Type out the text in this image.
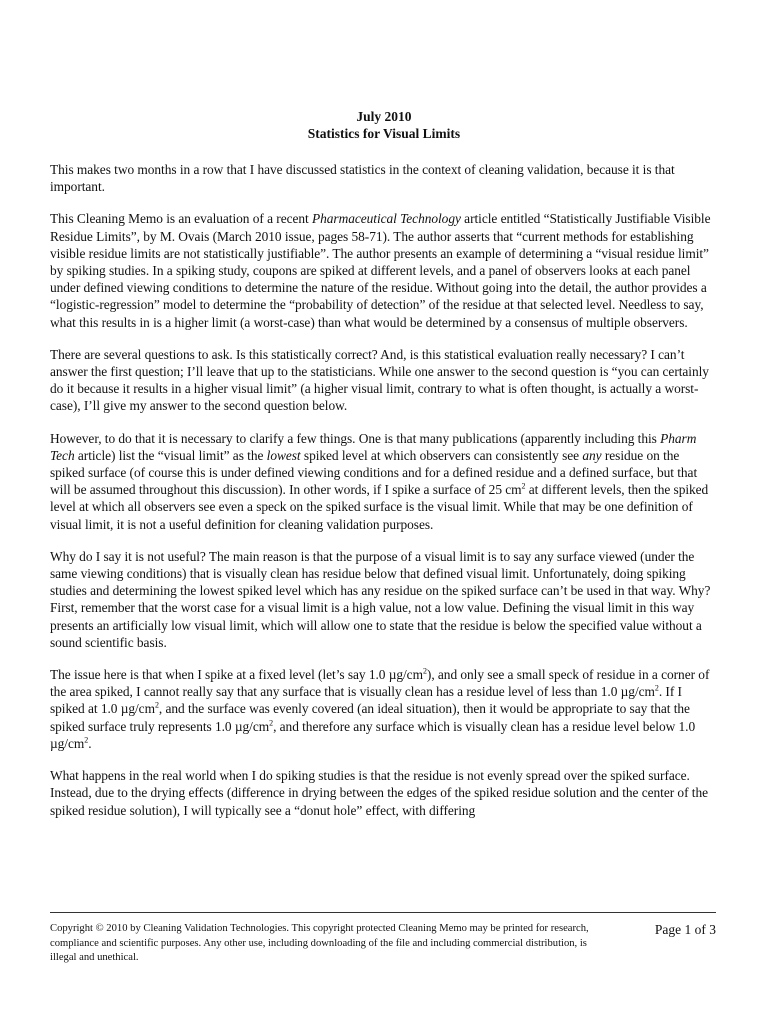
July 2010
Statistics for Visual Limits

This makes two months in a row that I have discussed statistics in the context of cleaning validation, because it is that important.

This Cleaning Memo is an evaluation of a recent Pharmaceutical Technology article entitled “Statistically Justifiable Visible Residue Limits”, by M. Ovais (March 2010 issue, pages 58-71). The author asserts that “current methods for establishing visible residue limits are not statistically justifiable”. The author presents an example of determining a “visual residue limit” by spiking studies. In a spiking study, coupons are spiked at different levels, and a panel of observers looks at each panel under defined viewing conditions to determine the nature of the residue. Without going into the detail, the author provides a “logistic-regression” model to determine the “probability of detection” of the residue at that selected level. Needless to say, what this results in is a higher limit (a worst-case) than what would be determined by a consensus of multiple observers.

There are several questions to ask. Is this statistically correct? And, is this statistical evaluation really necessary? I can’t answer the first question; I’ll leave that up to the statisticians. While one answer to the second question is “you can certainly do it because it results in a higher visual limit” (a higher visual limit, contrary to what is often thought, is actually a worst-case), I’ll give my answer to the second question below.

However, to do that it is necessary to clarify a few things. One is that many publications (apparently including this Pharm Tech article) list the “visual limit” as the lowest spiked level at which observers can consistently see any residue on the spiked surface (of course this is under defined viewing conditions and for a defined residue and a defined surface, but that will be assumed throughout this discussion). In other words, if I spike a surface of 25 $cm^2$ at different levels, then the spiked level at which all observers see even a speck on the spiked surface is the visual limit. While that may be one definition of visual limit, it is not a useful definition for cleaning validation purposes.

Why do I say it is not useful? The main reason is that the purpose of a visual limit is to say any surface viewed (under the same viewing conditions) that is visually clean has residue below that defined visual limit. Unfortunately, doing spiking studies and determining the lowest spiked level which has any residue on the spiked surface can’t be used in that way. Why? First, remember that the worst case for a visual limit is a high value, not a low value. Defining the visual limit in this way presents an artificially low visual limit, which will allow one to state that the residue is below the specified value without a sound scientific basis.

The issue here is that when I spike at a fixed level (let’s say 1.0 $\mu g/cm^2$), and only see a small speck of residue in a corner of the area spiked, I cannot really say that any surface that is visually clean has a residue level of less than 1.0 $\mu g/cm^2$. If I spiked at 1.0 $\mu g/cm^2$, and the surface was evenly covered (an ideal situation), then it would be appropriate to say that the spiked surface truly represents 1.0 $\mu g/cm^2$, and therefore any surface which is visually clean has a residue level below 1.0 $\mu g/cm^2$.

What happens in the real world when I do spiking studies is that the residue is not evenly spread over the spiked surface. Instead, due to the drying effects (difference in drying between the edges of the spiked residue solution and the center of the spiked residue solution), I will typically see a “donut hole” effect, with differing

Copyright © 2010 by Cleaning Validation Technologies. This copyright protected Cleaning Memo may be printed for research, compliance and scientific purposes. Any other use, including downloading of the file and including commercial distribution, is illegal and unethical.
Page 1 of 3
